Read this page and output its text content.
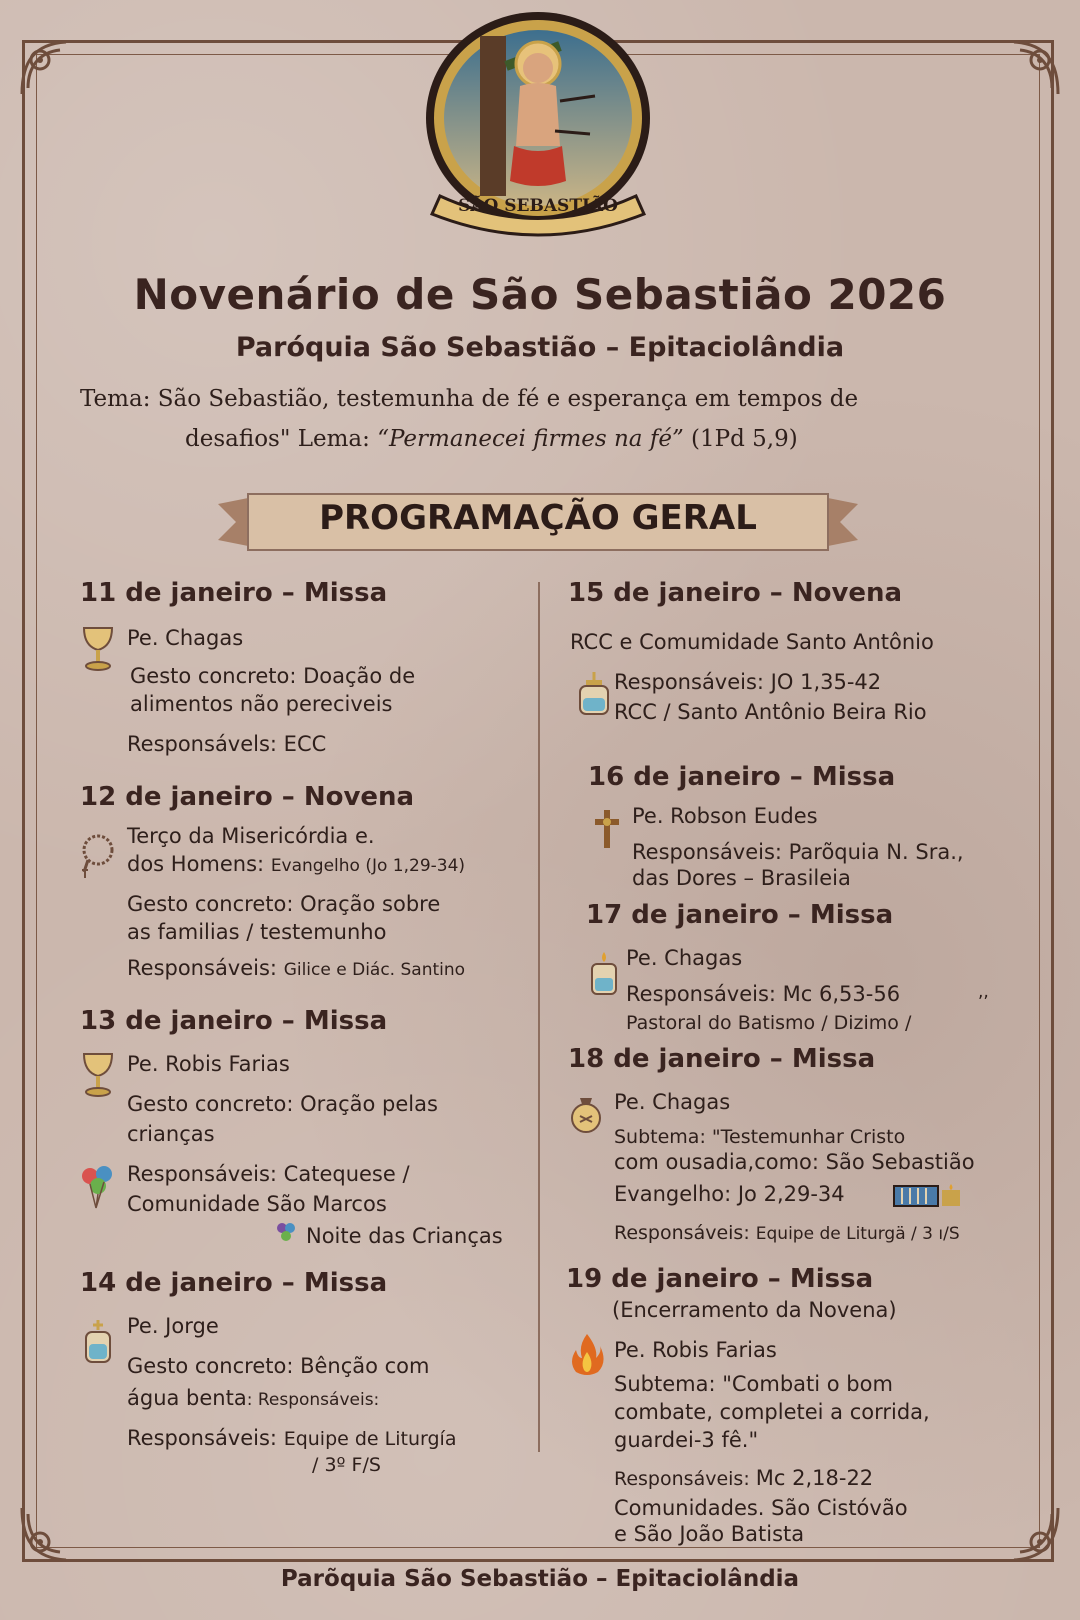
SÃO SEBASTIÃO
Novenário de São Sebastião 2026
Paróquia São Sebastião – Epitaciolândia
Tema: São Sebastião, testemunha de fé e esperança em tempos de
desafios" Lema: “Permanecei firmes na fé” (1Pd 5,9)
PROGRAMAÇÃO GERAL
11 de janeiro – Missa
Pe. Chagas
Gesto concreto: Doação de
alimentos não pereciveis
Responsávels: ECC
12 de janeiro – Novena
Terço da Misericórdia e.
dos Homens: Evangelho (Jo 1,29-34)
Gesto concreto: Oração sobre
as familias / testemunho
Responsáveis: Gilice e Diác. Santino
13 de janeiro – Missa
Pe. Robis Farias
Gesto concreto: Oração pelas
crianças
Responsáveis: Catequese /
Comunidade São Marcos
Noite das Crianças
14 de janeiro – Missa
Pe. Jorge
Gesto concreto: Bênção com
água benta: Responsáveis:
Responsáveis: Equipe de Liturgía
/ 3º F/S
15 de janeiro – Novena
RCC e Comumidade Santo Antônio
Responsáveis: JO 1,35-42
RCC / Santo Antônio Beira Rio
16 de janeiro – Missa
Pe. Robson Eudes
Responsáveis: Parõquia N. Sra.,
das Dores – Brasileia
17 de janeiro – Missa
Pe. Chagas
Responsáveis: Mc 6,53-56	,,
Pastoral do Batismo / Dizimo /
18 de janeiro – Missa
Pe. Chagas
Subtema: "Testemunhar Cristo
com ousadia,como: São Sebastião
Evangelho: Jo 2,29-34
Responsáveis: Equipe de Liturgä / 3 ı/S
19 de janeiro – Missa
(Encerramento da Novena)
Pe. Robis Farias
Subtema: "Combati o bom
combate, completei a corrida,
guardei-3 fê."
Responsáveis: Mc 2,18-22
Comunidades. São Cistóvão
e São João Batista
Parõquia São Sebastião – Epitaciolândia
